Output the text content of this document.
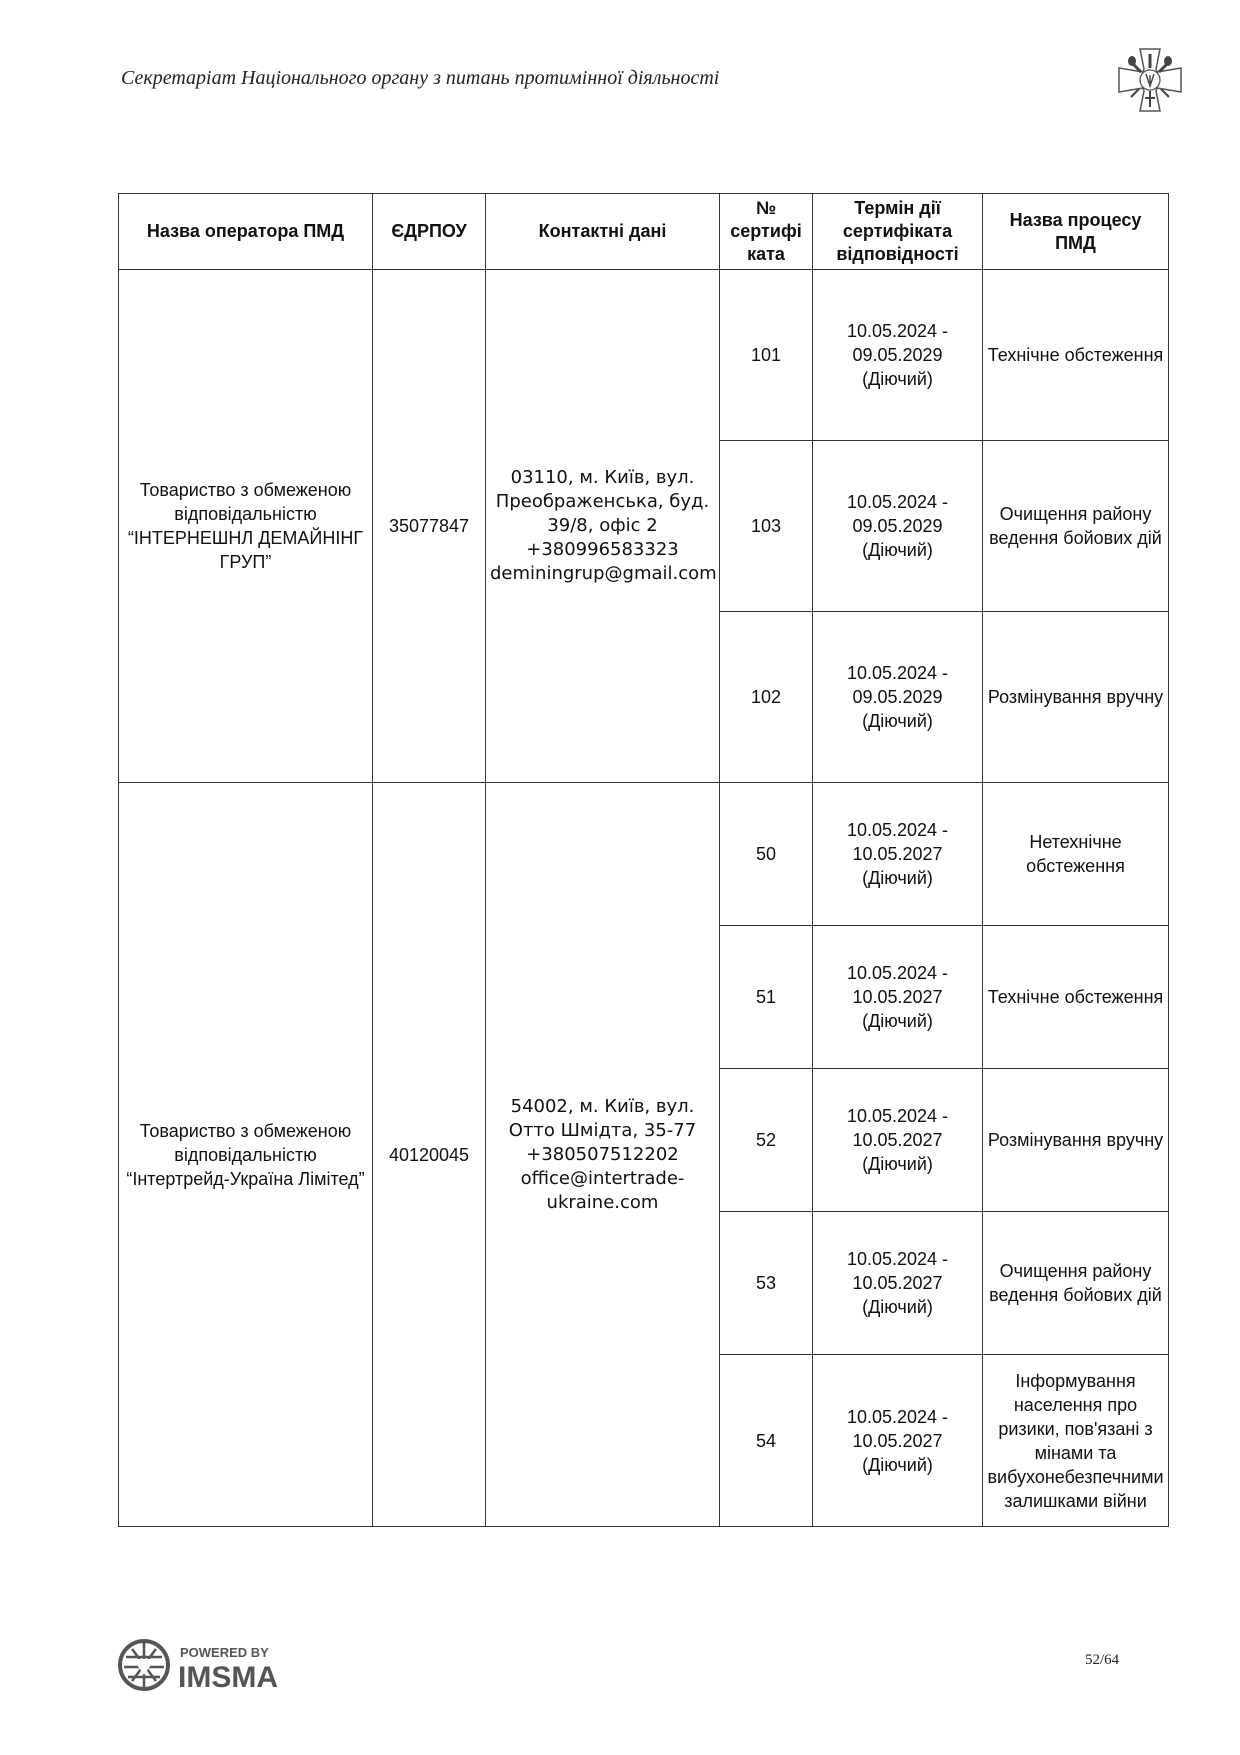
Секретаріат Національного органу з питань протимінної діяльності
Назва оператора ПМД	ЄДРПОУ	Контактні дані	№ сертифі ката	Термін дії сертифіката відповідності	Назва процесу ПМД
Товариство з обмеженою відповідальністю “ІНТЕРНЕШНЛ ДЕМАЙНІНГ ГРУП”	35077847	03110, м. Київ, вул. Преображенська, буд. 39/8, офіс 2 +380996583323 deminingrup@gmail.com	101	10.05.2024 - 09.05.2029 (Діючий)	Технічне обстеження
			103	10.05.2024 - 09.05.2029 (Діючий)	Очищення району ведення бойових дій
			102	10.05.2024 - 09.05.2029 (Діючий)	Розмінування вручну
Товариство з обмеженою відповідальністю “Інтертрейд-Україна Лімітед”	40120045	54002, м. Київ, вул. Отто Шмідта, 35-77 +380507512202 office@intertrade-ukraine.com	50	10.05.2024 - 10.05.2027 (Діючий)	Нетехнічне обстеження
			51	10.05.2024 - 10.05.2027 (Діючий)	Технічне обстеження
			52	10.05.2024 - 10.05.2027 (Діючий)	Розмінування вручну
			53	10.05.2024 - 10.05.2027 (Діючий)	Очищення району ведення бойових дій
			54	10.05.2024 - 10.05.2027 (Діючий)	Інформування населення про ризики, пов'язані з мінами та вибухонебезпечними залишками війни
POWERED BY
IMSMA
52/64
